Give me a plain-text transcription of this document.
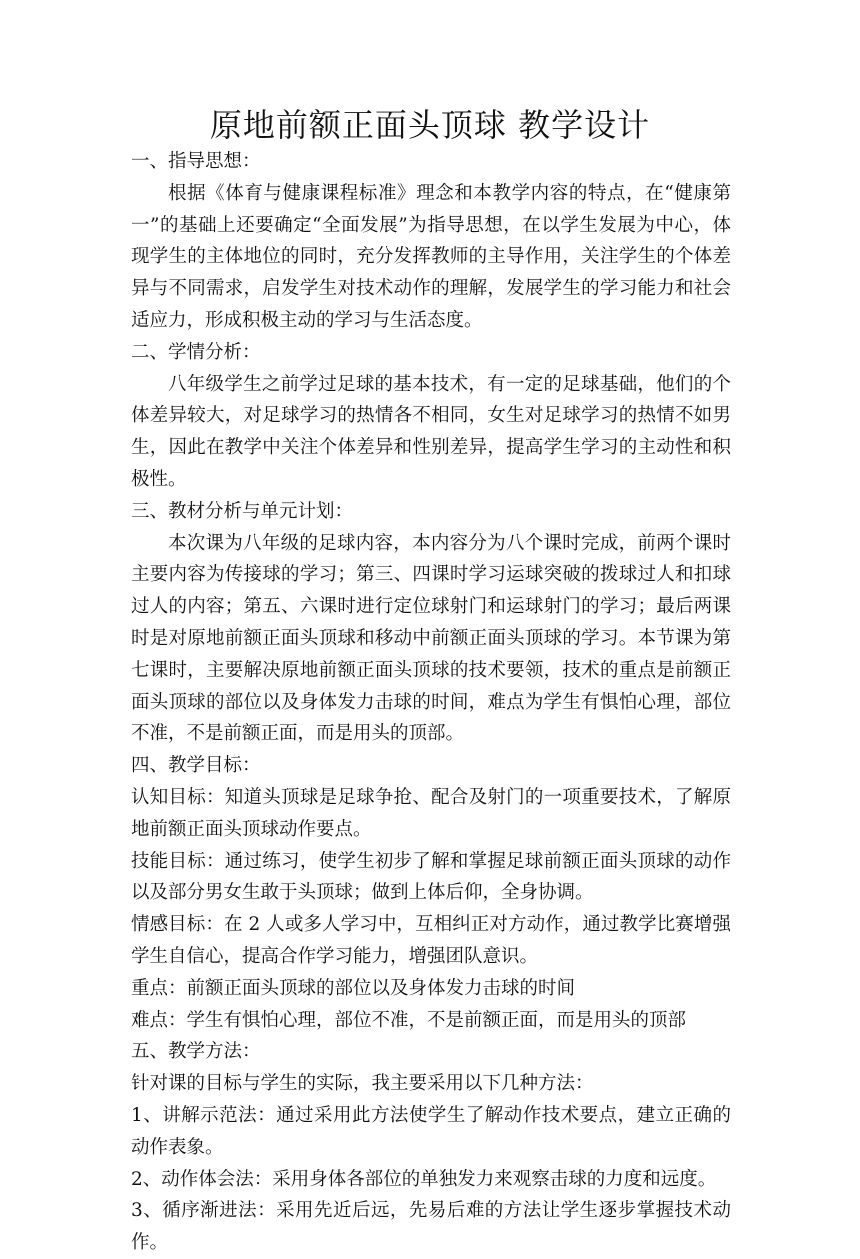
原地前额正面头顶球 教学设计

一、指导思想：

根据《体育与健康课程标准》理念和本教学内容的特点，在“健康第一”的基础上还要确定“全面发展”为指导思想，在以学生发展为中心，体现学生的主体地位的同时，充分发挥教师的主导作用，关注学生的个体差异与不同需求，启发学生对技术动作的理解，发展学生的学习能力和社会适应力，形成积极主动的学习与生活态度。

二、学情分析：

八年级学生之前学过足球的基本技术，有一定的足球基础，他们的个体差异较大，对足球学习的热情各不相同，女生对足球学习的热情不如男生，因此在教学中关注个体差异和性别差异，提高学生学习的主动性和积极性。

三、教材分析与单元计划：

本次课为八年级的足球内容，本内容分为八个课时完成，前两个课时主要内容为传接球的学习；第三、四课时学习运球突破的拨球过人和扣球过人的内容；第五、六课时进行定位球射门和运球射门的学习；最后两课时是对原地前额正面头顶球和移动中前额正面头顶球的学习。本节课为第七课时，主要解决原地前额正面头顶球的技术要领，技术的重点是前额正面头顶球的部位以及身体发力击球的时间，难点为学生有惧怕心理，部位不准，不是前额正面，而是用头的顶部。

四、教学目标：

认知目标：知道头顶球是足球争抢、配合及射门的一项重要技术，了解原地前额正面头顶球动作要点。

技能目标：通过练习，使学生初步了解和掌握足球前额正面头顶球的动作以及部分男女生敢于头顶球；做到上体后仰，全身协调。

情感目标：在 2 人或多人学习中，互相纠正对方动作，通过教学比赛增强学生自信心，提高合作学习能力，增强团队意识。

重点：前额正面头顶球的部位以及身体发力击球的时间

难点：学生有惧怕心理，部位不准，不是前额正面，而是用头的顶部

五、教学方法：

针对课的目标与学生的实际，我主要采用以下几种方法：

1、讲解示范法：通过采用此方法使学生了解动作技术要点，建立正确的动作表象。

2、动作体会法：采用身体各部位的单独发力来观察击球的力度和远度。

3、循序渐进法：采用先近后远，先易后难的方法让学生逐步掌握技术动作。
